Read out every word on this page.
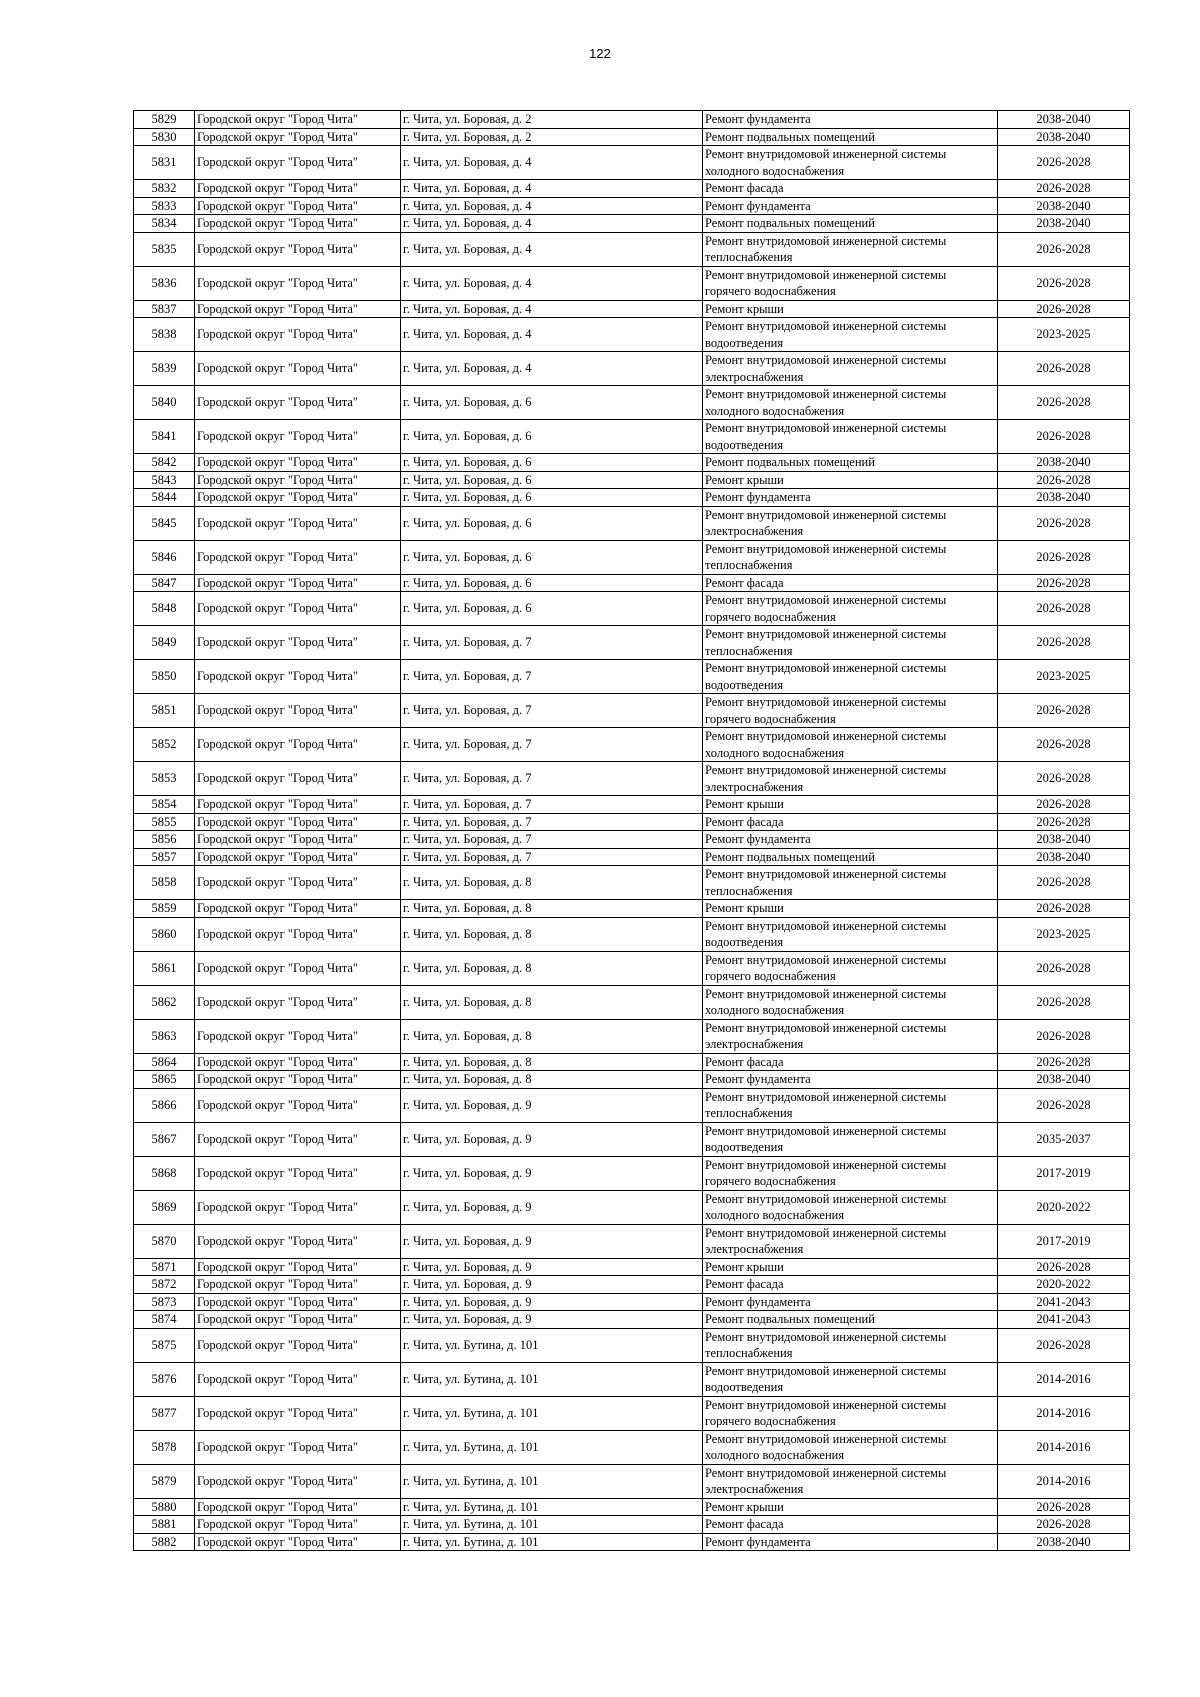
122
5829	Городской округ "Город Чита"	г. Чита, ул. Боровая, д. 2	Ремонт фундамента	2038-2040
5830	Городской округ "Город Чита"	г. Чита, ул. Боровая, д. 2	Ремонт подвальных помещений	2038-2040
5831	Городской округ "Город Чита"	г. Чита, ул. Боровая, д. 4	Ремонт внутридомовой инженерной системы холодного водоснабжения	2026-2028
5832	Городской округ "Город Чита"	г. Чита, ул. Боровая, д. 4	Ремонт фасада	2026-2028
5833	Городской округ "Город Чита"	г. Чита, ул. Боровая, д. 4	Ремонт фундамента	2038-2040
5834	Городской округ "Город Чита"	г. Чита, ул. Боровая, д. 4	Ремонт подвальных помещений	2038-2040
5835	Городской округ "Город Чита"	г. Чита, ул. Боровая, д. 4	Ремонт внутридомовой инженерной системы теплоснабжения	2026-2028
5836	Городской округ "Город Чита"	г. Чита, ул. Боровая, д. 4	Ремонт внутридомовой инженерной системы горячего водоснабжения	2026-2028
5837	Городской округ "Город Чита"	г. Чита, ул. Боровая, д. 4	Ремонт крыши	2026-2028
5838	Городской округ "Город Чита"	г. Чита, ул. Боровая, д. 4	Ремонт внутридомовой инженерной системы водоотведения	2023-2025
5839	Городской округ "Город Чита"	г. Чита, ул. Боровая, д. 4	Ремонт внутридомовой инженерной системы электроснабжения	2026-2028
5840	Городской округ "Город Чита"	г. Чита, ул. Боровая, д. 6	Ремонт внутридомовой инженерной системы холодного водоснабжения	2026-2028
5841	Городской округ "Город Чита"	г. Чита, ул. Боровая, д. 6	Ремонт внутридомовой инженерной системы водоотведения	2026-2028
5842	Городской округ "Город Чита"	г. Чита, ул. Боровая, д. 6	Ремонт подвальных помещений	2038-2040
5843	Городской округ "Город Чита"	г. Чита, ул. Боровая, д. 6	Ремонт крыши	2026-2028
5844	Городской округ "Город Чита"	г. Чита, ул. Боровая, д. 6	Ремонт фундамента	2038-2040
5845	Городской округ "Город Чита"	г. Чита, ул. Боровая, д. 6	Ремонт внутридомовой инженерной системы электроснабжения	2026-2028
5846	Городской округ "Город Чита"	г. Чита, ул. Боровая, д. 6	Ремонт внутридомовой инженерной системы теплоснабжения	2026-2028
5847	Городской округ "Город Чита"	г. Чита, ул. Боровая, д. 6	Ремонт фасада	2026-2028
5848	Городской округ "Город Чита"	г. Чита, ул. Боровая, д. 6	Ремонт внутридомовой инженерной системы горячего водоснабжения	2026-2028
5849	Городской округ "Город Чита"	г. Чита, ул. Боровая, д. 7	Ремонт внутридомовой инженерной системы теплоснабжения	2026-2028
5850	Городской округ "Город Чита"	г. Чита, ул. Боровая, д. 7	Ремонт внутридомовой инженерной системы водоотведения	2023-2025
5851	Городской округ "Город Чита"	г. Чита, ул. Боровая, д. 7	Ремонт внутридомовой инженерной системы горячего водоснабжения	2026-2028
5852	Городской округ "Город Чита"	г. Чита, ул. Боровая, д. 7	Ремонт внутридомовой инженерной системы холодного водоснабжения	2026-2028
5853	Городской округ "Город Чита"	г. Чита, ул. Боровая, д. 7	Ремонт внутридомовой инженерной системы электроснабжения	2026-2028
5854	Городской округ "Город Чита"	г. Чита, ул. Боровая, д. 7	Ремонт крыши	2026-2028
5855	Городской округ "Город Чита"	г. Чита, ул. Боровая, д. 7	Ремонт фасада	2026-2028
5856	Городской округ "Город Чита"	г. Чита, ул. Боровая, д. 7	Ремонт фундамента	2038-2040
5857	Городской округ "Город Чита"	г. Чита, ул. Боровая, д. 7	Ремонт подвальных помещений	2038-2040
5858	Городской округ "Город Чита"	г. Чита, ул. Боровая, д. 8	Ремонт внутридомовой инженерной системы теплоснабжения	2026-2028
5859	Городской округ "Город Чита"	г. Чита, ул. Боровая, д. 8	Ремонт крыши	2026-2028
5860	Городской округ "Город Чита"	г. Чита, ул. Боровая, д. 8	Ремонт внутридомовой инженерной системы водоотведения	2023-2025
5861	Городской округ "Город Чита"	г. Чита, ул. Боровая, д. 8	Ремонт внутридомовой инженерной системы горячего водоснабжения	2026-2028
5862	Городской округ "Город Чита"	г. Чита, ул. Боровая, д. 8	Ремонт внутридомовой инженерной системы холодного водоснабжения	2026-2028
5863	Городской округ "Город Чита"	г. Чита, ул. Боровая, д. 8	Ремонт внутридомовой инженерной системы электроснабжения	2026-2028
5864	Городской округ "Город Чита"	г. Чита, ул. Боровая, д. 8	Ремонт фасада	2026-2028
5865	Городской округ "Город Чита"	г. Чита, ул. Боровая, д. 8	Ремонт фундамента	2038-2040
5866	Городской округ "Город Чита"	г. Чита, ул. Боровая, д. 9	Ремонт внутридомовой инженерной системы теплоснабжения	2026-2028
5867	Городской округ "Город Чита"	г. Чита, ул. Боровая, д. 9	Ремонт внутридомовой инженерной системы водоотведения	2035-2037
5868	Городской округ "Город Чита"	г. Чита, ул. Боровая, д. 9	Ремонт внутридомовой инженерной системы горячего водоснабжения	2017-2019
5869	Городской округ "Город Чита"	г. Чита, ул. Боровая, д. 9	Ремонт внутридомовой инженерной системы холодного водоснабжения	2020-2022
5870	Городской округ "Город Чита"	г. Чита, ул. Боровая, д. 9	Ремонт внутридомовой инженерной системы электроснабжения	2017-2019
5871	Городской округ "Город Чита"	г. Чита, ул. Боровая, д. 9	Ремонт крыши	2026-2028
5872	Городской округ "Город Чита"	г. Чита, ул. Боровая, д. 9	Ремонт фасада	2020-2022
5873	Городской округ "Город Чита"	г. Чита, ул. Боровая, д. 9	Ремонт фундамента	2041-2043
5874	Городской округ "Город Чита"	г. Чита, ул. Боровая, д. 9	Ремонт подвальных помещений	2041-2043
5875	Городской округ "Город Чита"	г. Чита, ул. Бутина, д. 101	Ремонт внутридомовой инженерной системы теплоснабжения	2026-2028
5876	Городской округ "Город Чита"	г. Чита, ул. Бутина, д. 101	Ремонт внутридомовой инженерной системы водоотведения	2014-2016
5877	Городской округ "Город Чита"	г. Чита, ул. Бутина, д. 101	Ремонт внутридомовой инженерной системы горячего водоснабжения	2014-2016
5878	Городской округ "Город Чита"	г. Чита, ул. Бутина, д. 101	Ремонт внутридомовой инженерной системы холодного водоснабжения	2014-2016
5879	Городской округ "Город Чита"	г. Чита, ул. Бутина, д. 101	Ремонт внутридомовой инженерной системы электроснабжения	2014-2016
5880	Городской округ "Город Чита"	г. Чита, ул. Бутина, д. 101	Ремонт крыши	2026-2028
5881	Городской округ "Город Чита"	г. Чита, ул. Бутина, д. 101	Ремонт фасада	2026-2028
5882	Городской округ "Город Чита"	г. Чита, ул. Бутина, д. 101	Ремонт фундамента	2038-2040
